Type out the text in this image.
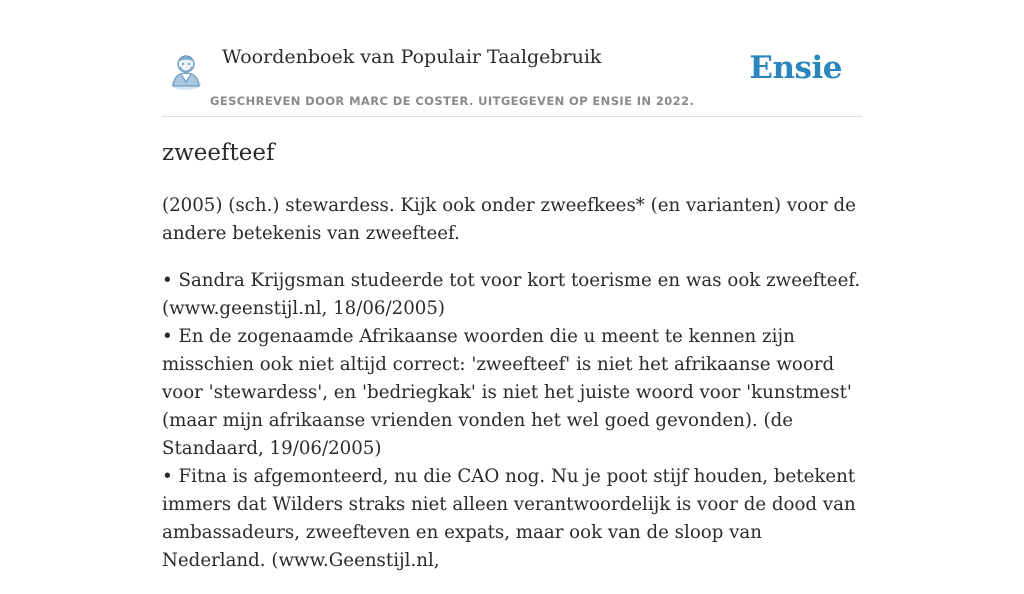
Woordenboek van Populair Taalgebruik
GESCHREVEN DOOR MARC DE COSTER. UITGEGEVEN OP ENSIE IN 2022.
Ensie
zweefteef

(2005) (sch.) stewardess. Kijk ook onder zweefkees* (en varianten) voor de andere betekenis van zweefteef.

• Sandra Krijgsman studeerde tot voor kort toerisme en was ook zweefteef. (www.geenstijl.nl, 18/06/2005)
• En de zogenaamde Afrikaanse woorden die u meent te kennen zijn misschien ook niet altijd correct: 'zweefteef' is niet het afrikaanse woord voor 'stewardess', en 'bedriegkak' is niet het juiste woord voor 'kunstmest' (maar mijn afrikaanse vrienden vonden het wel goed gevonden). (de Standaard, 19/06/2005)
• Fitna is afgemonteerd, nu die CAO nog. Nu je poot stijf houden, betekent immers dat Wilders straks niet alleen verantwoordelijk is voor de dood van ambassadeurs, zweefteven en expats, maar ook van de sloop van Nederland. (www.Geenstijl.nl,
